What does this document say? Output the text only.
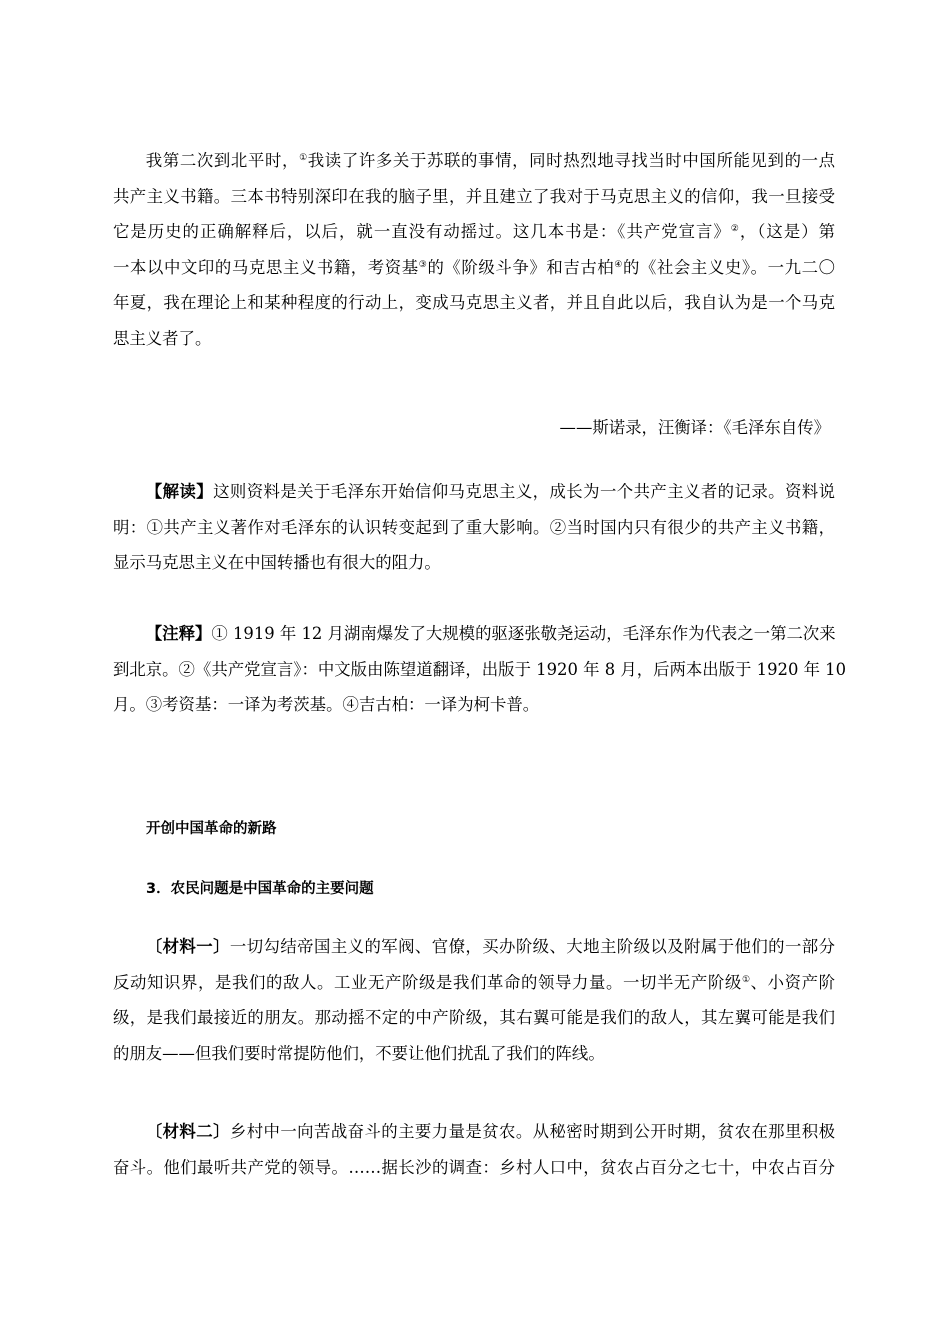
我第二次到北平时，①我读了许多关于苏联的事情，同时热烈地寻找当时中国所能见到的一点
共产主义书籍。三本书特别深印在我的脑子里，并且建立了我对于马克思主义的信仰，我一旦接受
它是历史的正确解释后，以后，就一直没有动摇过。这几本书是：《共产党宣言》②，（这是）第
一本以中文印的马克思主义书籍，考资基③的《阶级斗争》和吉古柏④的《社会主义史》。一九二〇
年夏，我在理论上和某种程度的行动上，变成马克思主义者，并且自此以后，我自认为是一个马克
思主义者了。
——斯诺录，汪衡译：《毛泽东自传》
【解读】这则资料是关于毛泽东开始信仰马克思主义，成长为一个共产主义者的记录。资料说
明：①共产主义著作对毛泽东的认识转变起到了重大影响。②当时国内只有很少的共产主义书籍，
显示马克思主义在中国转播也有很大的阻力。
【注释】① 1919 年 12 月湖南爆发了大规模的驱逐张敬尧运动，毛泽东作为代表之一第二次来
到北京。②《共产党宣言》：中文版由陈望道翻译，出版于 1920 年 8 月，后两本出版于 1920 年 10
月。③考资基：一译为考茨基。④吉古柏：一译为柯卡普。
开创中国革命的新路
3．农民问题是中国革命的主要问题
〔材料一〕一切勾结帝国主义的军阀、官僚，买办阶级、大地主阶级以及附属于他们的一部分
反动知识界，是我们的敌人。工业无产阶级是我们革命的领导力量。一切半无产阶级①、小资产阶
级，是我们最接近的朋友。那动摇不定的中产阶级，其右翼可能是我们的敌人，其左翼可能是我们
的朋友——但我们要时常提防他们，不要让他们扰乱了我们的阵线。
〔材料二〕乡村中一向苦战奋斗的主要力量是贫农。从秘密时期到公开时期，贫农在那里积极
奋斗。他们最听共产党的领导。……据长沙的调查：乡村人口中，贫农占百分之七十，中农占百分
